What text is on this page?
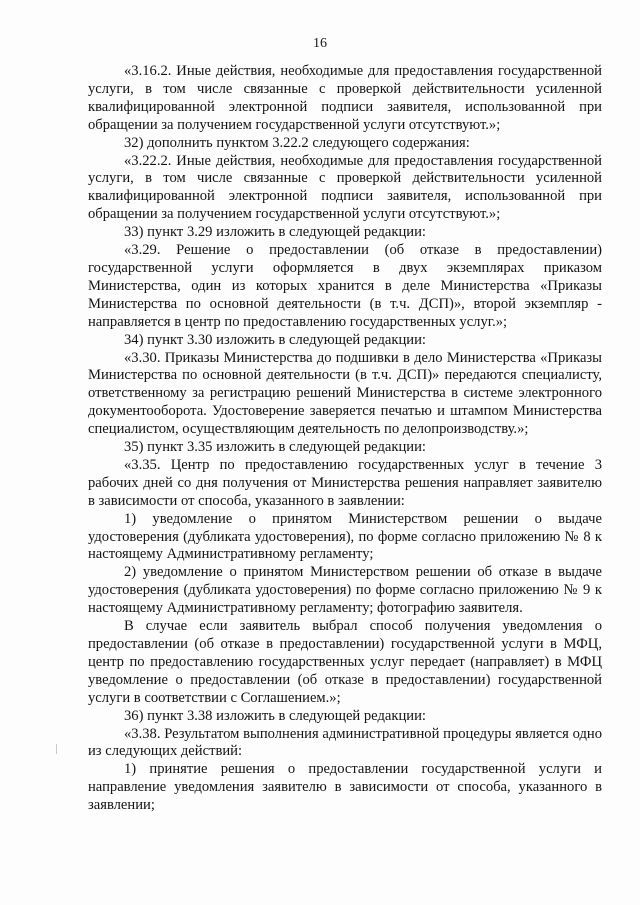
16

«3.16.2. Иные действия, необходимые для предоставления государственной услуги, в том числе связанные с проверкой действительности усиленной квалифицированной электронной подписи заявителя, использованной при обращении за получением государственной услуги отсутствуют.»;

32) дополнить пунктом 3.22.2 следующего содержания:

«3.22.2. Иные действия, необходимые для предоставления государственной услуги, в том числе связанные с проверкой действительности усиленной квалифицированной электронной подписи заявителя, использованной при обращении за получением государственной услуги отсутствуют.»;

33) пункт 3.29 изложить в следующей редакции:

«3.29. Решение о предоставлении (об отказе в предоставлении) государственной услуги оформляется в двух экземплярах приказом Министерства, один из которых хранится в деле Министерства «Приказы Министерства по основной деятельности (в т.ч. ДСП)», второй экземпляр - направляется в центр по предоставлению государственных услуг.»;

34) пункт 3.30 изложить в следующей редакции:

«3.30. Приказы Министерства до подшивки в дело Министерства «Приказы Министерства по основной деятельности (в т.ч. ДСП)» передаются специалисту, ответственному за регистрацию решений Министерства в системе электронного документооборота. Удостоверение заверяется печатью и штампом Министерства специалистом, осуществляющим деятельность по делопроизводству.»;

35) пункт 3.35 изложить в следующей редакции:

«3.35. Центр по предоставлению государственных услуг в течение 3 рабочих дней со дня получения от Министерства решения направляет заявителю в зависимости от способа, указанного в заявлении:

1) уведомление о принятом Министерством решении о выдаче удостоверения (дубликата удостоверения), по форме согласно приложению № 8 к настоящему Административному регламенту;

2) уведомление о принятом Министерством решении об отказе в выдаче удостоверения (дубликата удостоверения) по форме согласно приложению № 9 к настоящему Административному регламенту; фотографию заявителя.

В случае если заявитель выбрал способ получения уведомления о предоставлении (об отказе в предоставлении) государственной услуги в МФЦ, центр по предоставлению государственных услуг передает (направляет) в МФЦ уведомление о предоставлении (об отказе в предоставлении) государственной услуги в соответствии с Соглашением.»;

36) пункт 3.38 изложить в следующей редакции:

«3.38. Результатом выполнения административной процедуры является одно из следующих действий:

1) принятие решения о предоставлении государственной услуги и направление уведомления заявителю в зависимости от способа, указанного в заявлении;
